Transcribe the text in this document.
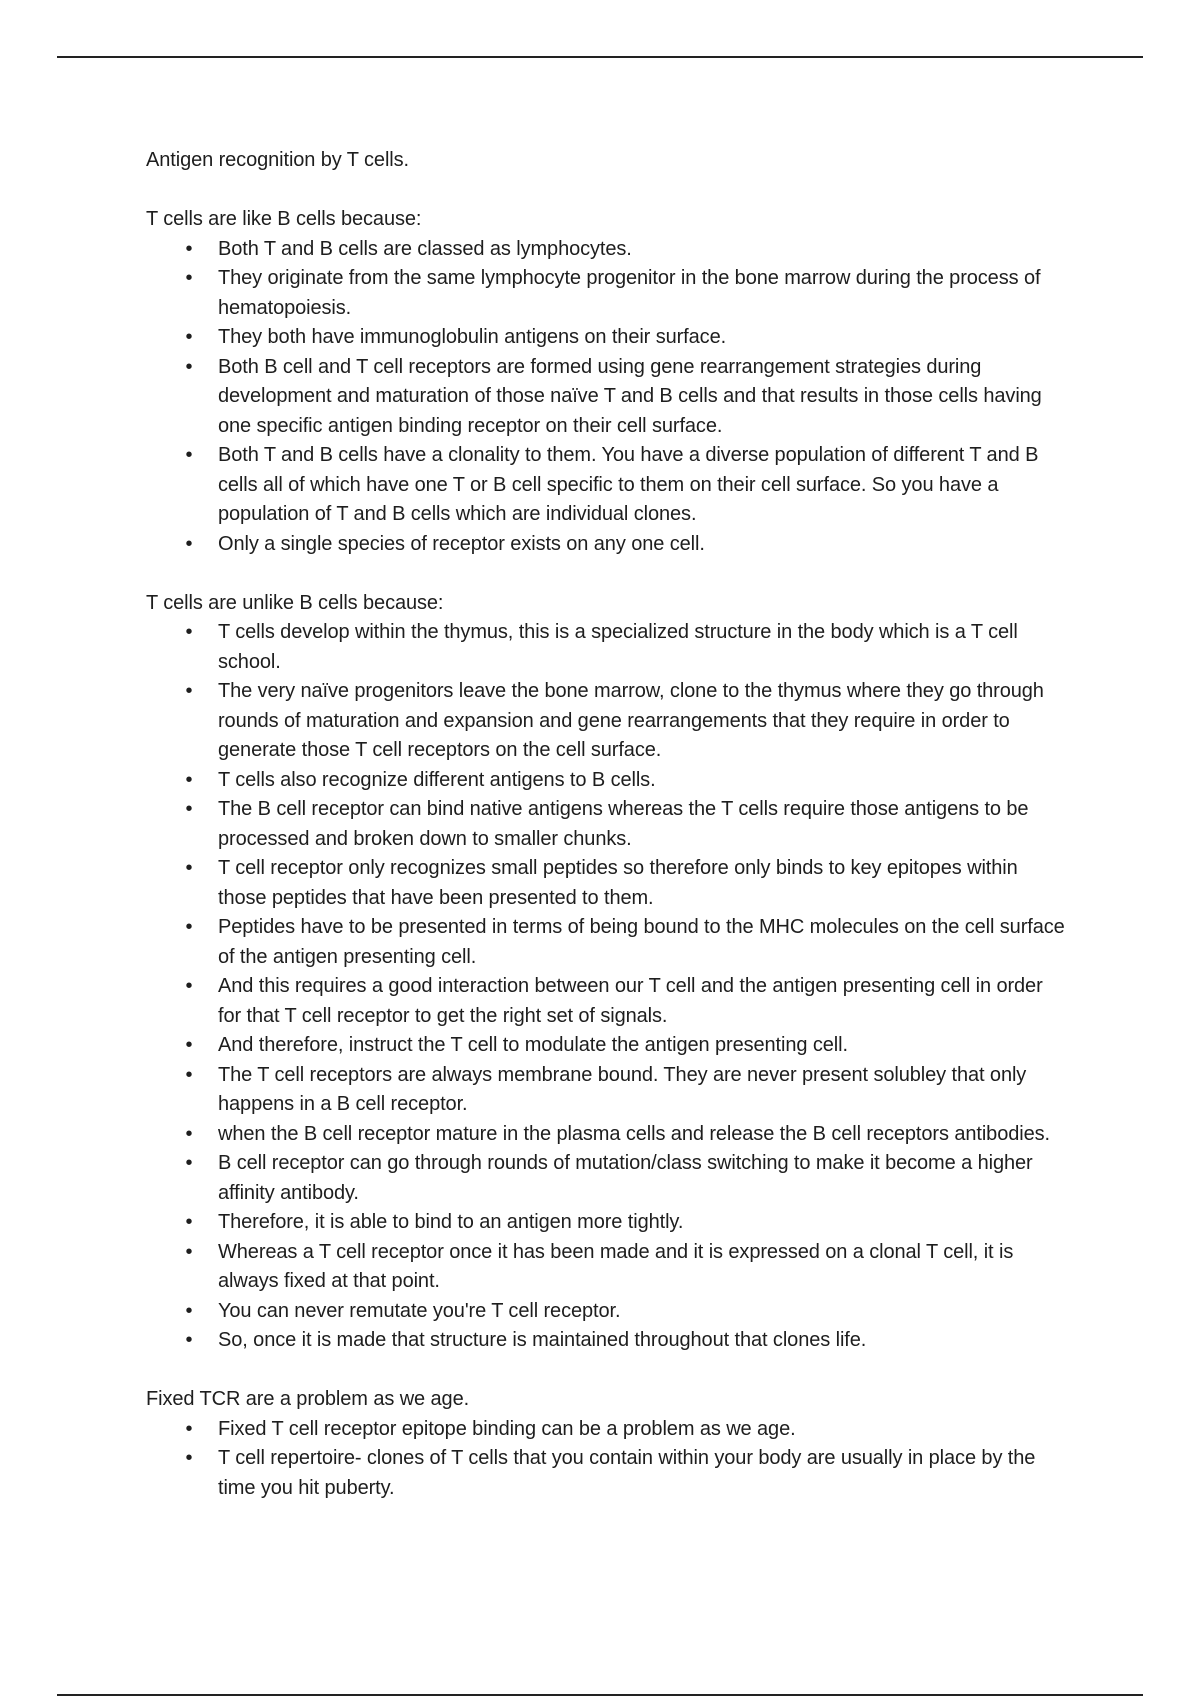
Antigen recognition by T cells.

T cells are like B cells because:

• Both T and B cells are classed as lymphocytes.
• They originate from the same lymphocyte progenitor in the bone marrow during the process of hematopoiesis.
• They both have immunoglobulin antigens on their surface.
• Both B cell and T cell receptors are formed using gene rearrangement strategies during development and maturation of those naïve T and B cells and that results in those cells having one specific antigen binding receptor on their cell surface.
• Both T and B cells have a clonality to them. You have a diverse population of different T and B cells all of which have one T or B cell specific to them on their cell surface. So you have a population of T and B cells which are individual clones.
• Only a single species of receptor exists on any one cell.

T cells are unlike B cells because:

• T cells develop within the thymus, this is a specialized structure in the body which is a T cell school.
• The very naïve progenitors leave the bone marrow, clone to the thymus where they go through rounds of maturation and expansion and gene rearrangements that they require in order to generate those T cell receptors on the cell surface.
• T cells also recognize different antigens to B cells.
• The B cell receptor can bind native antigens whereas the T cells require those antigens to be processed and broken down to smaller chunks.
• T cell receptor only recognizes small peptides so therefore only binds to key epitopes within those peptides that have been presented to them.
• Peptides have to be presented in terms of being bound to the MHC molecules on the cell surface of the antigen presenting cell.
• And this requires a good interaction between our T cell and the antigen presenting cell in order for that T cell receptor to get the right set of signals.
• And therefore, instruct the T cell to modulate the antigen presenting cell.
• The T cell receptors are always membrane bound. They are never present solubley that only happens in a B cell receptor.
• when the B cell receptor mature in the plasma cells and release the B cell receptors antibodies.
• B cell receptor can go through rounds of mutation/class switching to make it become a higher affinity antibody.
• Therefore, it is able to bind to an antigen more tightly.
• Whereas a T cell receptor once it has been made and it is expressed on a clonal T cell, it is always fixed at that point.
• You can never remutate you're T cell receptor.
• So, once it is made that structure is maintained throughout that clones life.

Fixed TCR are a problem as we age.

• Fixed T cell receptor epitope binding can be a problem as we age.
• T cell repertoire- clones of T cells that you contain within your body are usually in place by the time you hit puberty.
